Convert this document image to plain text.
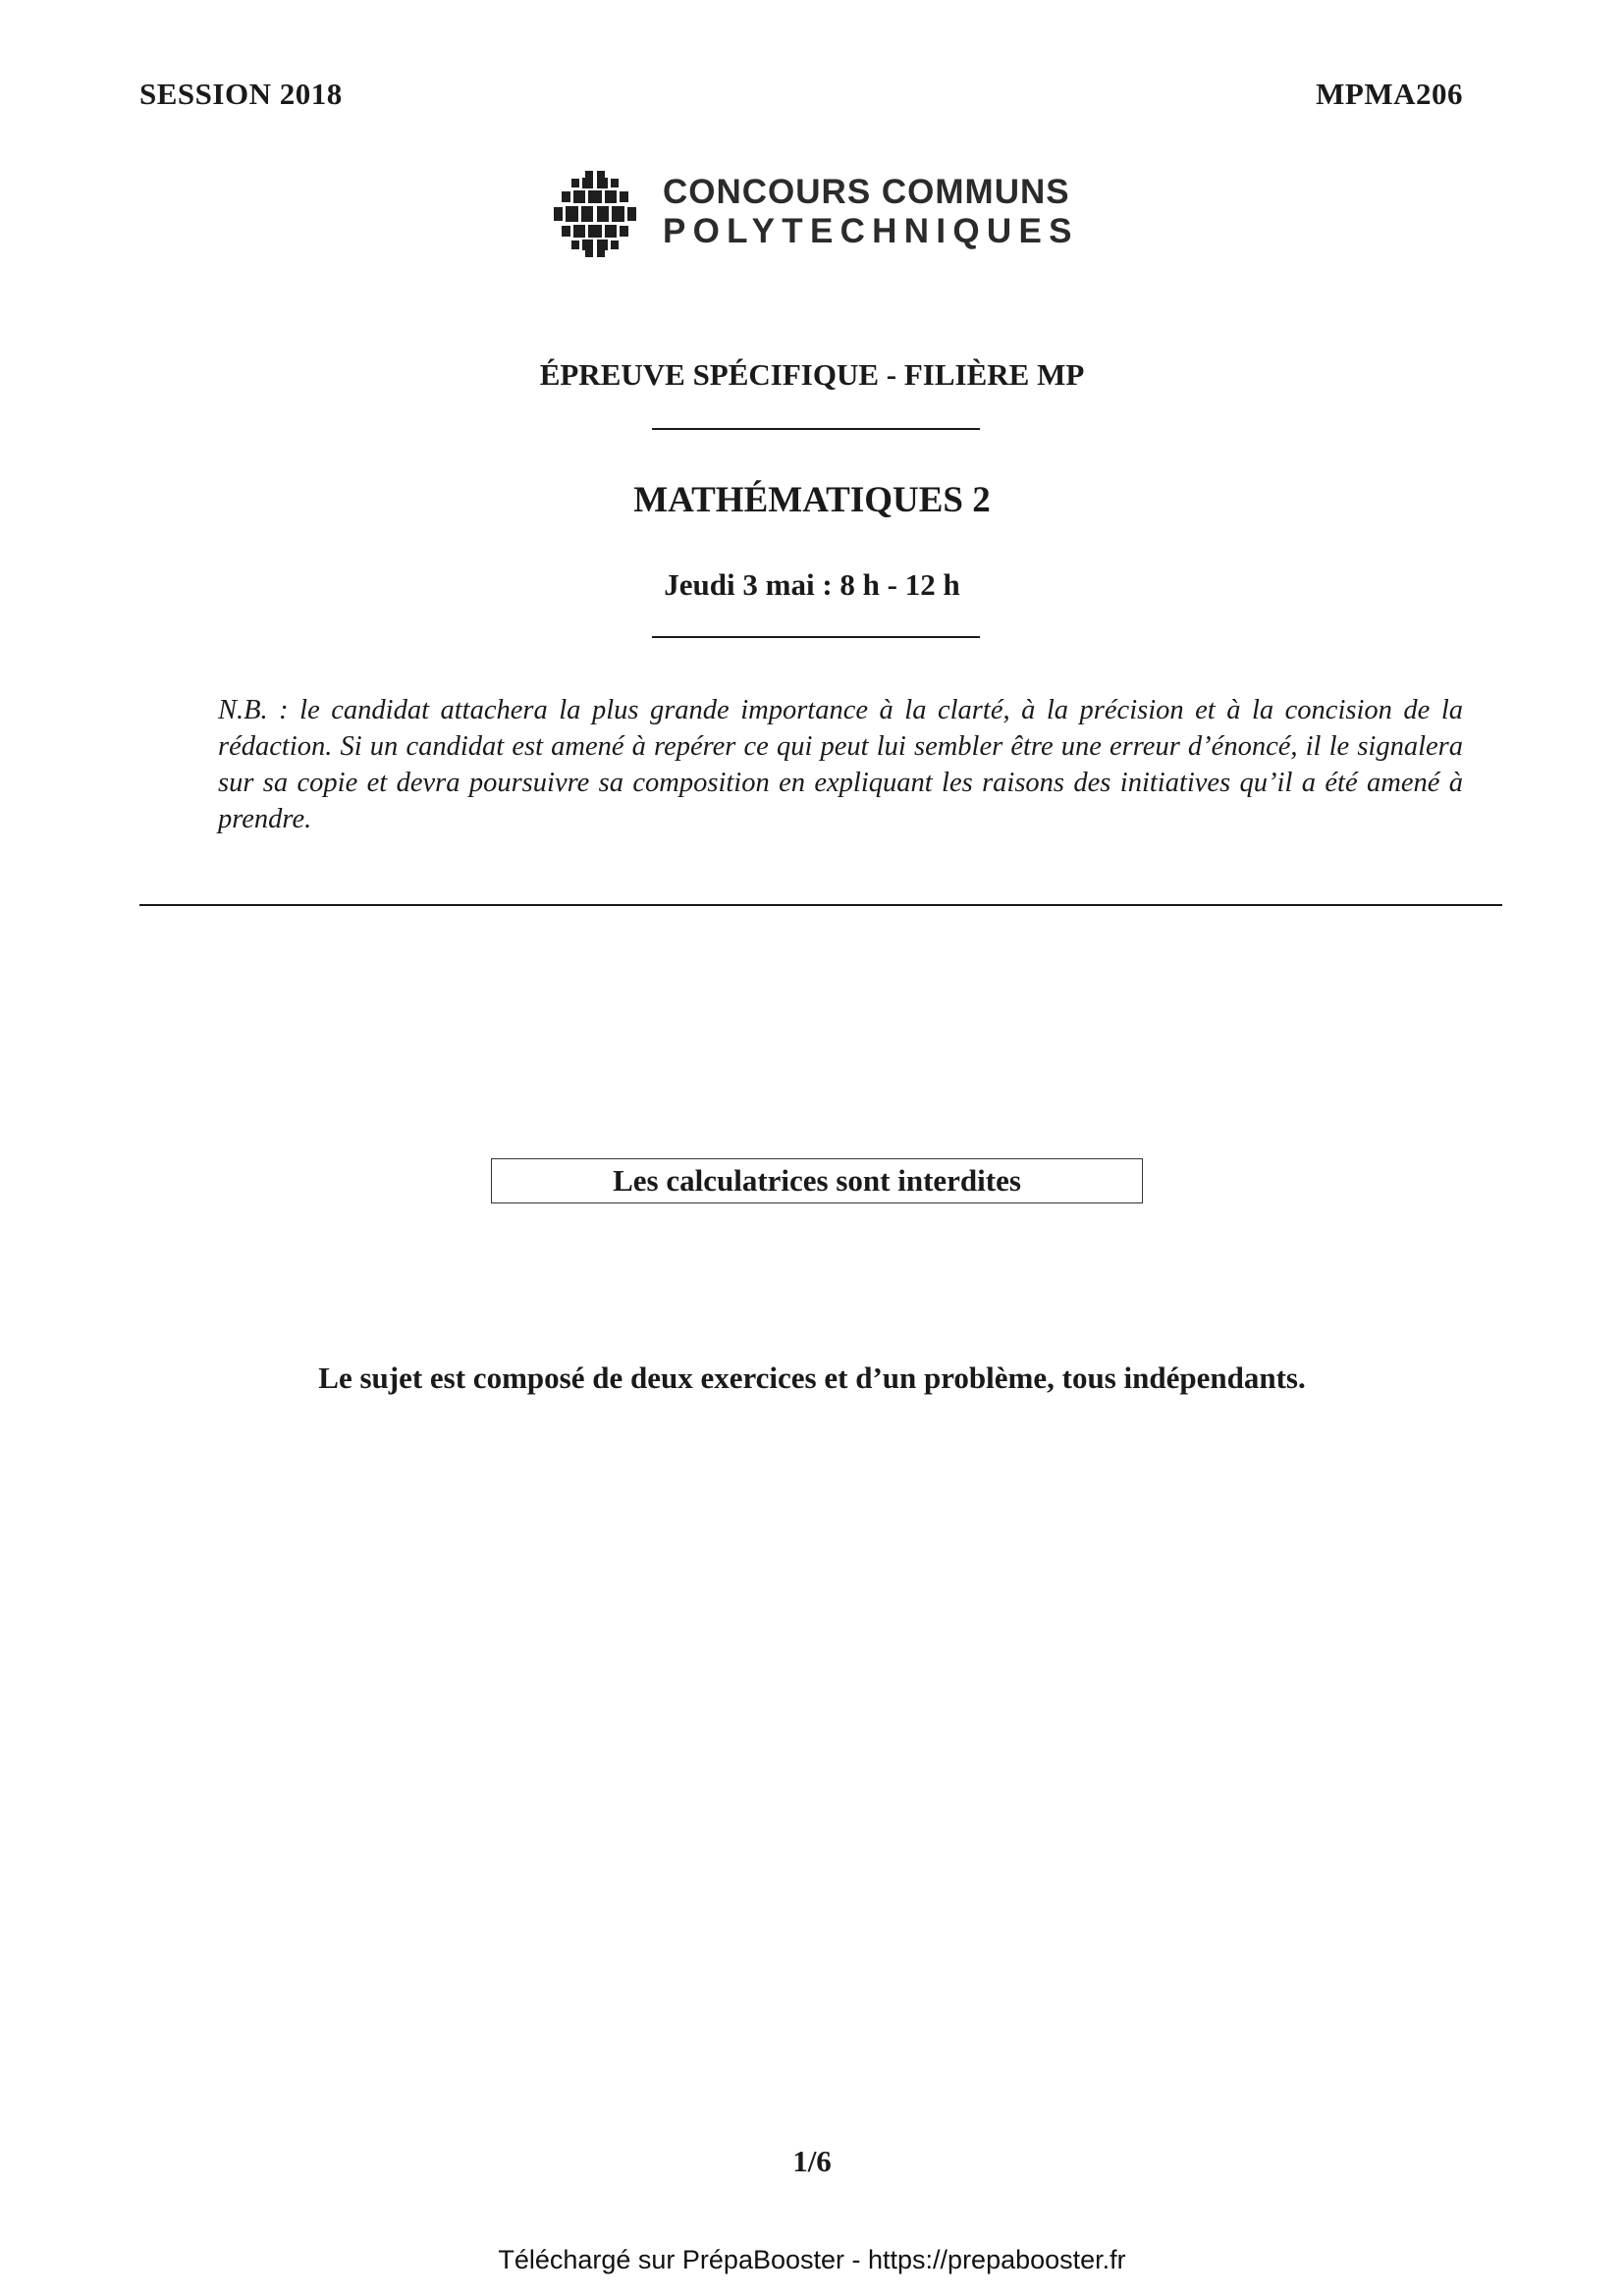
SESSION 2018	MPMA206
CONCOURS COMMUNS
POLYTECHNIQUES
ÉPREUVE SPÉCIFIQUE - FILIÈRE MP
MATHÉMATIQUES 2
Jeudi 3 mai : 8 h - 12 h
N.B. : le candidat attachera la plus grande importance à la clarté, à la précision et à la concision de la rédaction. Si un candidat est amené à repérer ce qui peut lui sembler être une erreur d’énoncé, il le signalera sur sa copie et devra poursuivre sa composition en expliquant les raisons des initiatives qu’il a été amené à prendre.
Les calculatrices sont interdites
Le sujet est composé de deux exercices et d’un problème, tous indépendants.
1/6
Téléchargé sur PrépaBooster - https://prepabooster.fr
